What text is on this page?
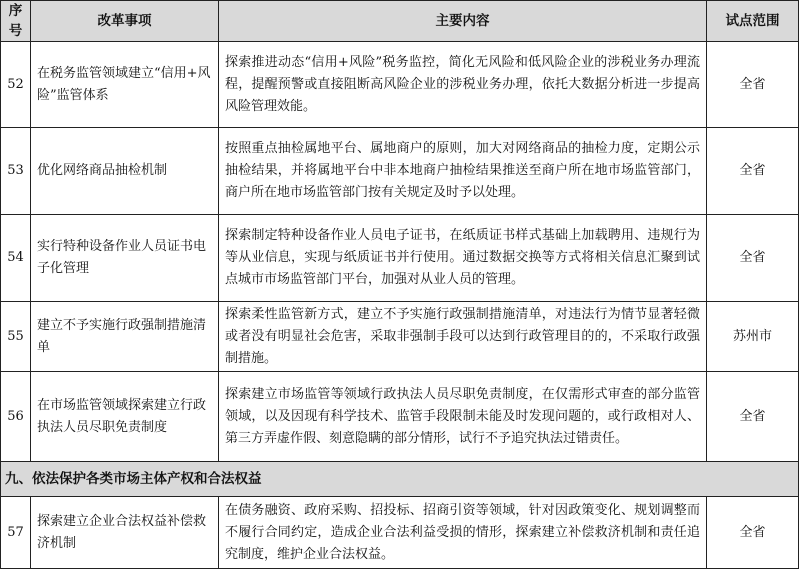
序号	改革事项	主要内容	试点范围
52	在税务监管领域建立“信用+风险”监管体系	探索推进动态“信用+风险”税务监控，简化无风险和低风险企业的涉税业务办理流程，提醒预警或直接阻断高风险企业的涉税业务办理，依托大数据分析进一步提高风险管理效能。	全省
53	优化网络商品抽检机制	按照重点抽检属地平台、属地商户的原则，加大对网络商品的抽检力度，定期公示抽检结果，并将属地平台中非本地商户抽检结果推送至商户所在地市场监管部门，商户所在地市场监管部门按有关规定及时予以处理。	全省
54	实行特种设备作业人员证书电子化管理	探索制定特种设备作业人员电子证书，在纸质证书样式基础上加载聘用、违规行为等从业信息，实现与纸质证书并行使用。通过数据交换等方式将相关信息汇聚到试点城市市场监管部门平台，加强对从业人员的管理。	全省
55	建立不予实施行政强制措施清单	探索柔性监管新方式，建立不予实施行政强制措施清单，对违法行为情节显著轻微或者没有明显社会危害，采取非强制手段可以达到行政管理目的的，不采取行政强制措施。	苏州市
56	在市场监管领域探索建立行政执法人员尽职免责制度	探索建立市场监管等领域行政执法人员尽职免责制度，在仅需形式审查的部分监管领域，以及因现有科学技术、监管手段限制未能及时发现问题的，或行政相对人、第三方弄虚作假、刻意隐瞒的部分情形，试行不予追究执法过错责任。	全省
九、依法保护各类市场主体产权和合法权益			
57	探索建立企业合法权益补偿救济机制	在债务融资、政府采购、招投标、招商引资等领域，针对因政策变化、规划调整而不履行合同约定，造成企业合法利益受损的情形，探索建立补偿救济机制和责任追究制度，维护企业合法权益。	全省
